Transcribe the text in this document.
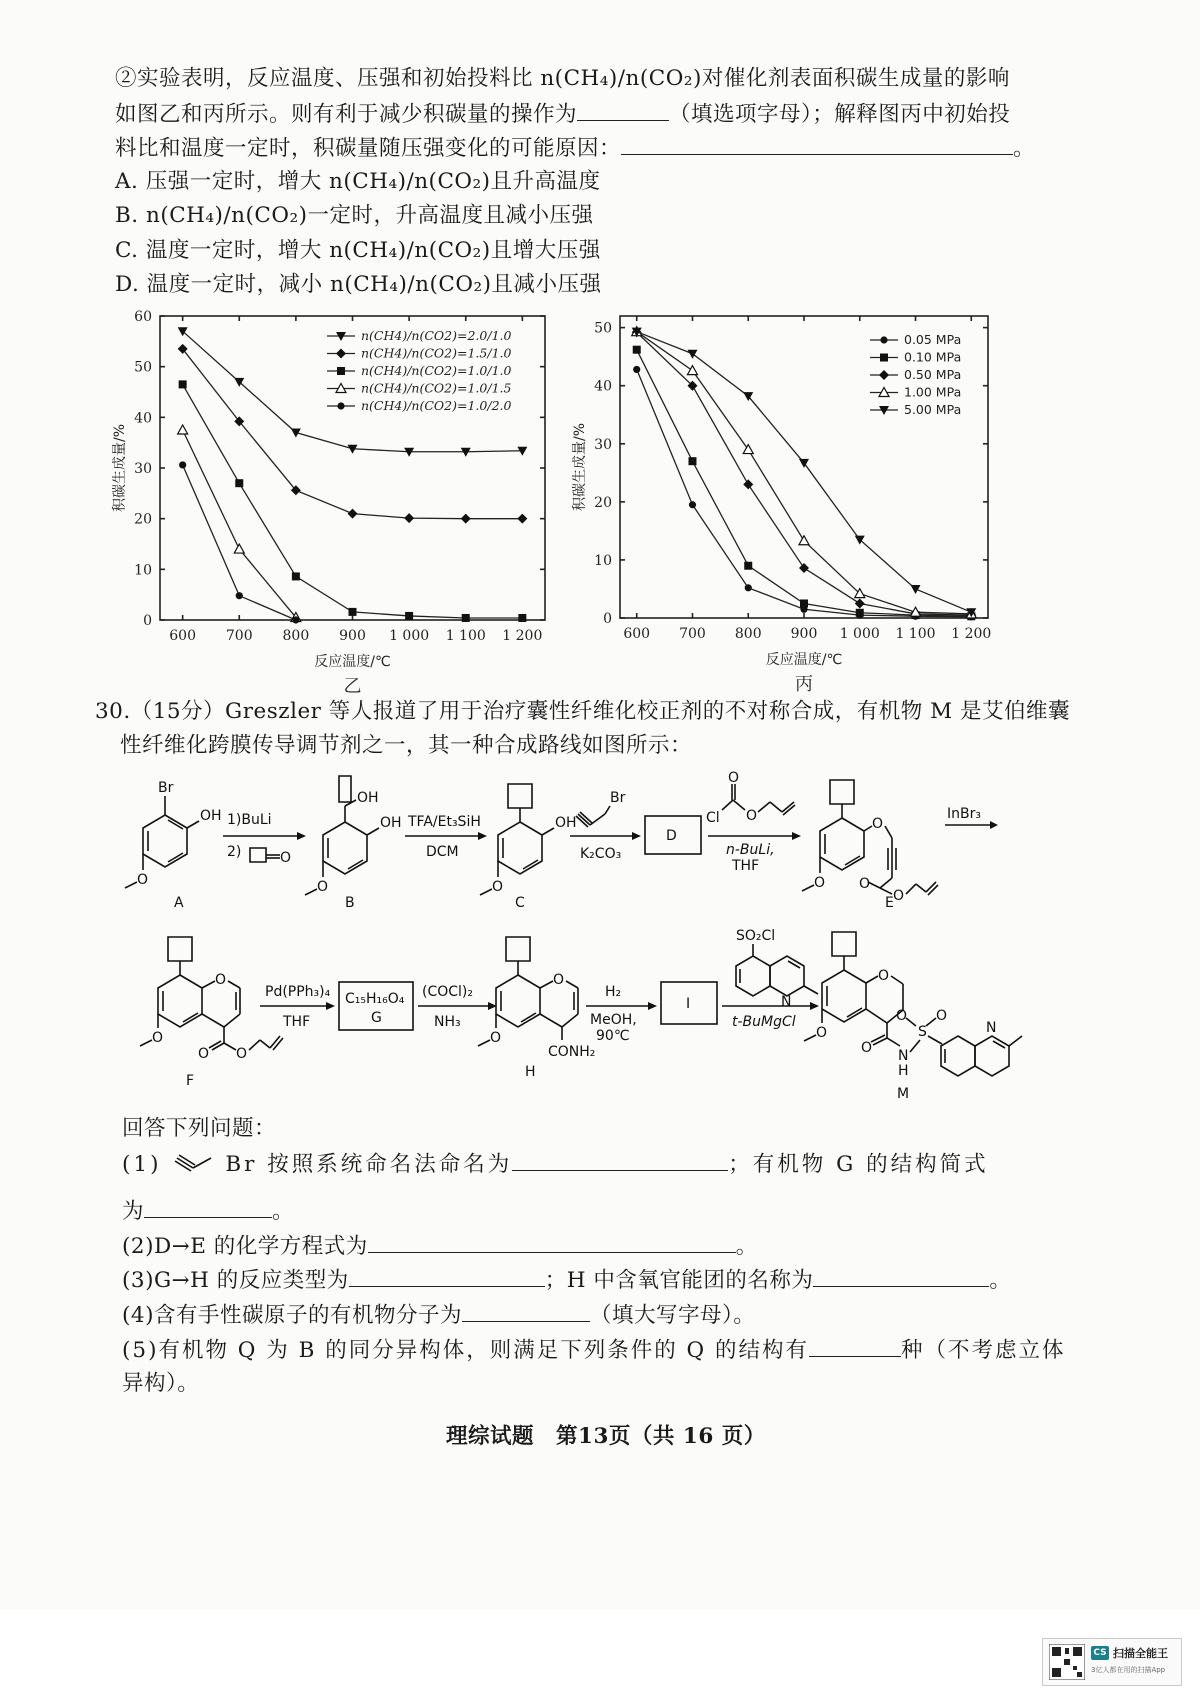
②实验表明，反应温度、压强和初始投料比 n(CH₄)/n(CO₂)对催化剂表面积碳生成量的影响
如图乙和丙所示。则有利于减少积碳量的操作为	（填选项字母）；解释图丙中初始投
料比和温度一定时，积碳量随压强变化的可能原因：	。
A. 压强一定时，增大 n(CH₄)/n(CO₂)且升高温度
B. n(CH₄)/n(CO₂)一定时，升高温度且减小压强
C. 温度一定时，增大 n(CH₄)/n(CO₂)且增大压强
D. 温度一定时，减小 n(CH₄)/n(CO₂)且减小压强
0
10
20
30
40
50
60
600 700 800 900 1 000 1 100 1 200
反应温度/℃
积碳生成量/%
乙
n(CH4)/n(CO2)=2.0/1.0
n(CH4)/n(CO2)=1.5/1.0
n(CH4)/n(CO2)=1.0/1.0
n(CH4)/n(CO2)=1.0/1.5
n(CH4)/n(CO2)=1.0/2.0
0
10
20
30
40
50
600 700 800 900 1 000 1 100 1 200
反应温度/℃
积碳生成量/%
丙
0.05 MPa
0.10 MPa
0.50 MPa
1.00 MPa
5.00 MPa
30.（15分）Greszler 等人报道了用于治疗囊性纤维化校正剂的不对称合成，有机物 M 是艾伯维囊
性纤维化跨膜传导调节剂之一，其一种合成路线如图所示：
Br
OH
O
A
1)BuLi
2)	O
OH
OH
O
B
TFA/Et₃SiH
DCM
OH
O
C
Br
K₂CO₃
D
O
Cl O
n-BuLi,
THF
O
O
O
O
E
InBr₃
O
O O
O
F
Pd(PPh₃)₄
THF
C₁₅H₁₆O₄
G
(COCl)₂
NH₃
O
CONH₂
O
H
H₂
MeOH,
90℃
I
SO₂Cl
N
t-BuMgCl
O
O N
H
S
O
O
N
O
M
回答下列问题：
(1)	Br 按照系统命名法命名为	；有机物 G 的结构简式
为	。
(2)D→E 的化学方程式为	。
(3)G→H 的反应类型为	；H 中含氧官能团的名称为	。
(4)含有手性碳原子的有机物分子为	（填大写字母）。
(5)有机物 Q 为 B 的同分异构体，则满足下列条件的 Q 的结构有	种（不考虑立体
异构）。
理综试题　第13页（共 16 页）
CS 扫描全能王
3亿人都在用的扫描App
